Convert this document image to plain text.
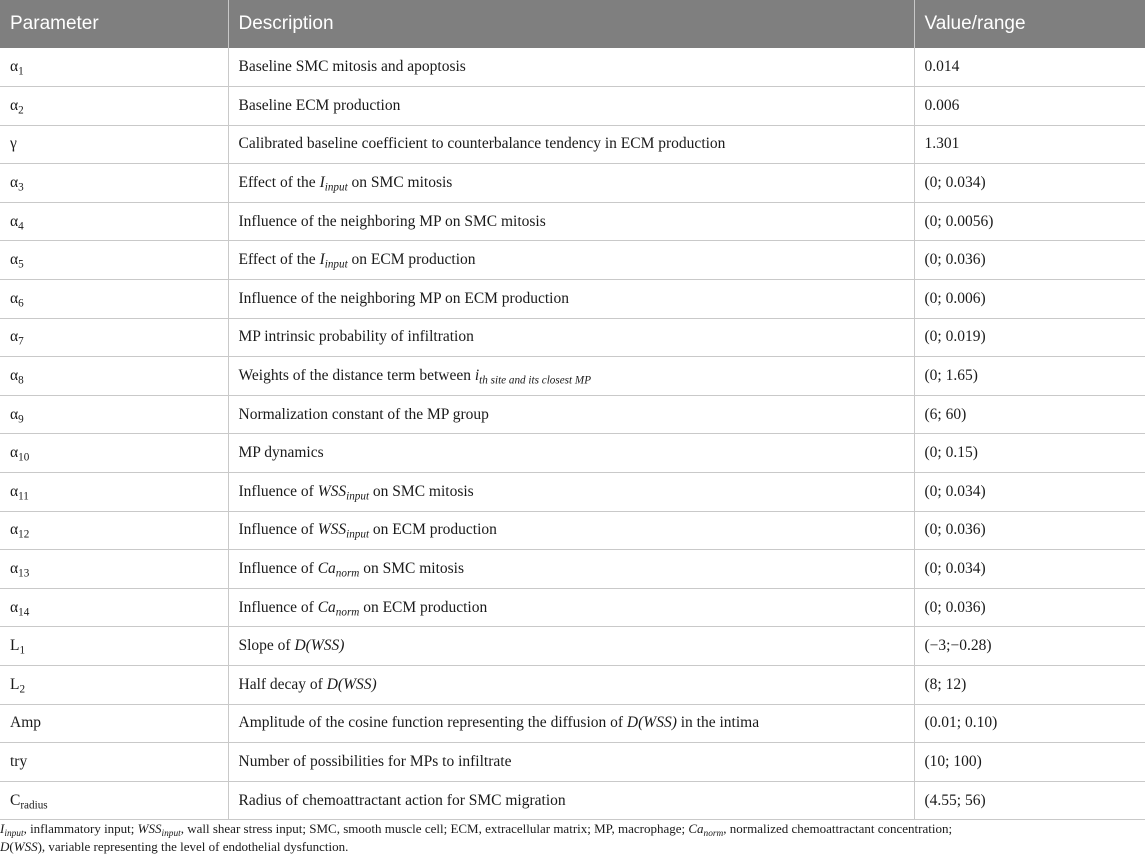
Parameter	Description	Value/range
$\alpha_1$	Baseline SMC mitosis and apoptosis	0.014
$\alpha_2$	Baseline ECM production	0.006
γ	Calibrated baseline coefficient to counterbalance tendency in ECM production	1.301
$\alpha_3$	Effect of the $I_{input}$ on SMC mitosis	(0; 0.034)
$\alpha_4$	Influence of the neighboring MP on SMC mitosis	(0; 0.0056)
$\alpha_5$	Effect of the $I_{input}$ on ECM production	(0; 0.036)
$\alpha_6$	Influence of the neighboring MP on ECM production	(0; 0.006)
$\alpha_7$	MP intrinsic probability of infiltration	(0; 0.019)
$\alpha_8$	Weights of the distance term between $i_{th site and its closest MP}$	(0; 1.65)
$\alpha_9$	Normalization constant of the MP group	(6; 60)
$\alpha_{10}$	MP dynamics	(0; 0.15)
$\alpha_{11}$	Influence of $WSS_{input}$ on SMC mitosis	(0; 0.034)
$\alpha_{12}$	Influence of $WSS_{input}$ on ECM production	(0; 0.036)
$\alpha_{13}$	Influence of $Ca_{norm}$ on SMC mitosis	(0; 0.034)
$\alpha_{14}$	Influence of $Ca_{norm}$ on ECM production	(0; 0.036)
$L_1$	Slope of D(WSS)	(−3;−0.28)
$L_2$	Half decay of D(WSS)	(8; 12)
Amp	Amplitude of the cosine function representing the diffusion of D(WSS) in the intima	(0.01; 0.10)
try	Number of possibilities for MPs to infiltrate	(10; 100)
$C_{radius}$	Radius of chemoattractant action for SMC migration	(4.55; 56)
$I_{input}$, inflammatory input; $WSS_{input}$, wall shear stress input; SMC, smooth muscle cell; ECM, extracellular matrix; MP, macrophage; $Ca_{norm}$, normalized chemoattractant concentration;
D(WSS), variable representing the level of endothelial dysfunction.
